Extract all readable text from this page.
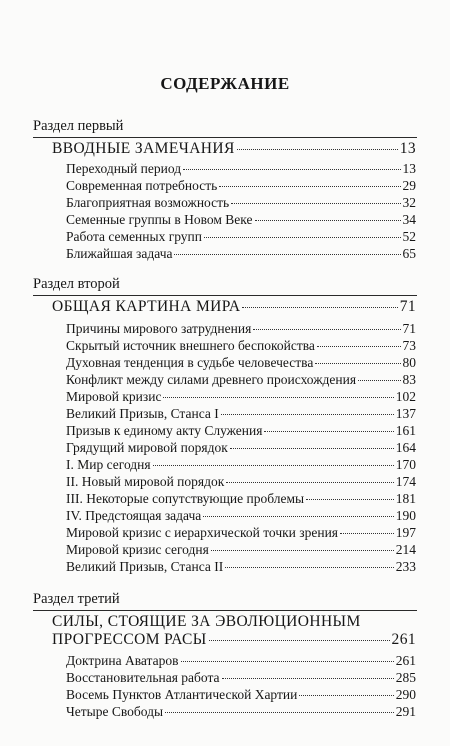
СОДЕРЖАНИЕ
Раздел первый
ВВОДНЫЕ ЗАМЕЧАНИЯ	13
Переходный период	13
Современная потребность	29
Благоприятная возможность	32
Семенные группы в Новом Веке	34
Работа семенных групп	52
Ближайшая задача	65
Раздел второй
ОБЩАЯ КАРТИНА МИРА	71
Причины мирового затруднения	71
Скрытый источник внешнего беспокойства	73
Духовная тенденция в судьбе человечества	80
Конфликт между силами древнего происхождения	83
Мировой кризис	102
Великий Призыв, Станса I	137
Призыв к единому акту Служения	161
Грядущий мировой порядок	164
I. Мир сегодня	170
II. Новый мировой порядок	174
III. Некоторые сопутствующие проблемы	181
IV. Предстоящая задача	190
Мировой кризис с иерархической точки зрения	197
Мировой кризис сегодня	214
Великий Призыв, Станса II	233
Раздел третий
СИЛЫ, СТОЯЩИЕ ЗА ЭВОЛЮЦИОННЫМ
ПРОГРЕССОМ РАСЫ	261
Доктрина Аватаров	261
Восстановительная работа	285
Восемь Пунктов Атлантической Хартии	290
Четыре Свободы	291
